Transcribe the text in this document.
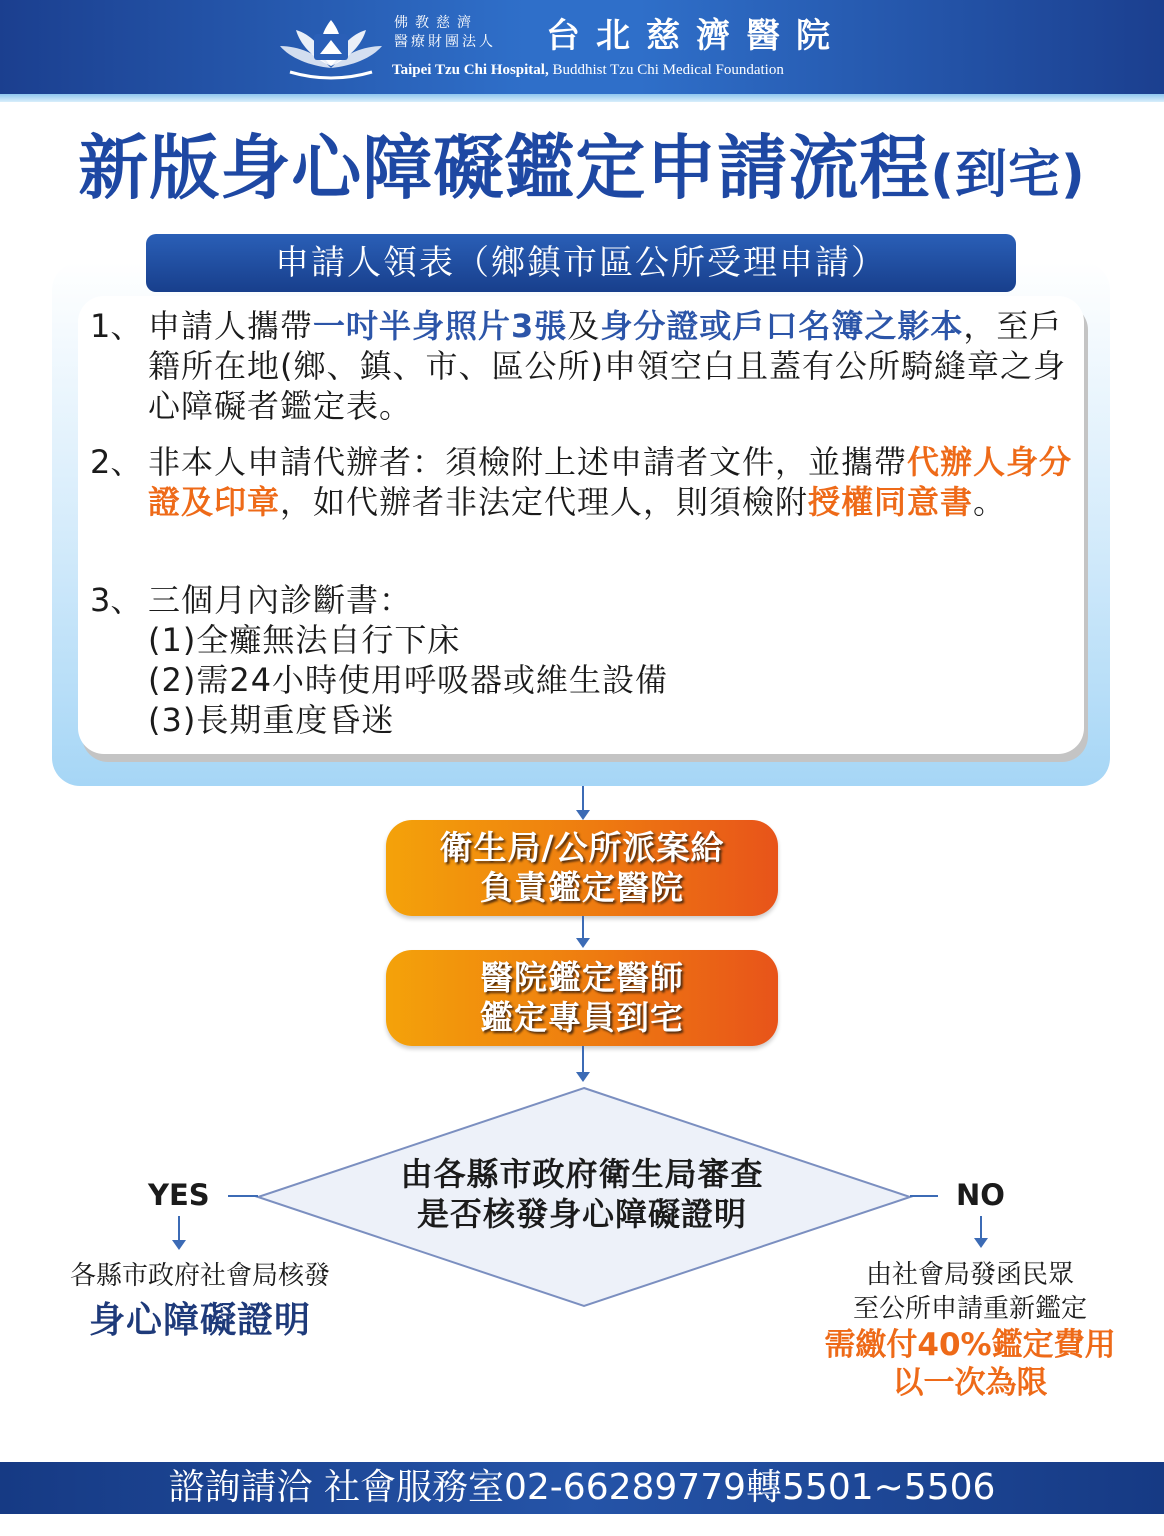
佛教慈濟
醫療財團法人	台北慈濟醫院
Taipei Tzu Chi Hospital, Buddhist Tzu Chi Medical Foundation
新版身心障礙鑑定申請流程(到宅)
申請人領表（鄉鎮市區公所受理申請）
1、 申請人攜帶一吋半身照片3張及身分證或戶口名簿之影本，至戶籍所在地(鄉、鎮、市、區公所)申領空白且蓋有公所騎縫章之身心障礙者鑑定表。
2、 非本人申請代辦者：須檢附上述申請者文件，並攜帶代辦人身分證及印章，如代辦者非法定代理人，則須檢附授權同意書。
3、 三個月內診斷書：
(1)全癱無法自行下床
(2)需24小時使用呼吸器或維生設備
(3)長期重度昏迷
衛生局/公所派案給
負責鑑定醫院
醫院鑑定醫師
鑑定專員到宅
由各縣市政府衛生局審查
是否核發身心障礙證明
YES
各縣市政府社會局核發
身心障礙證明
NO
由社會局發函民眾
至公所申請重新鑑定
需繳付40%鑑定費用
以一次為限
諮詢請洽 社會服務室02-66289779轉5501~5506
